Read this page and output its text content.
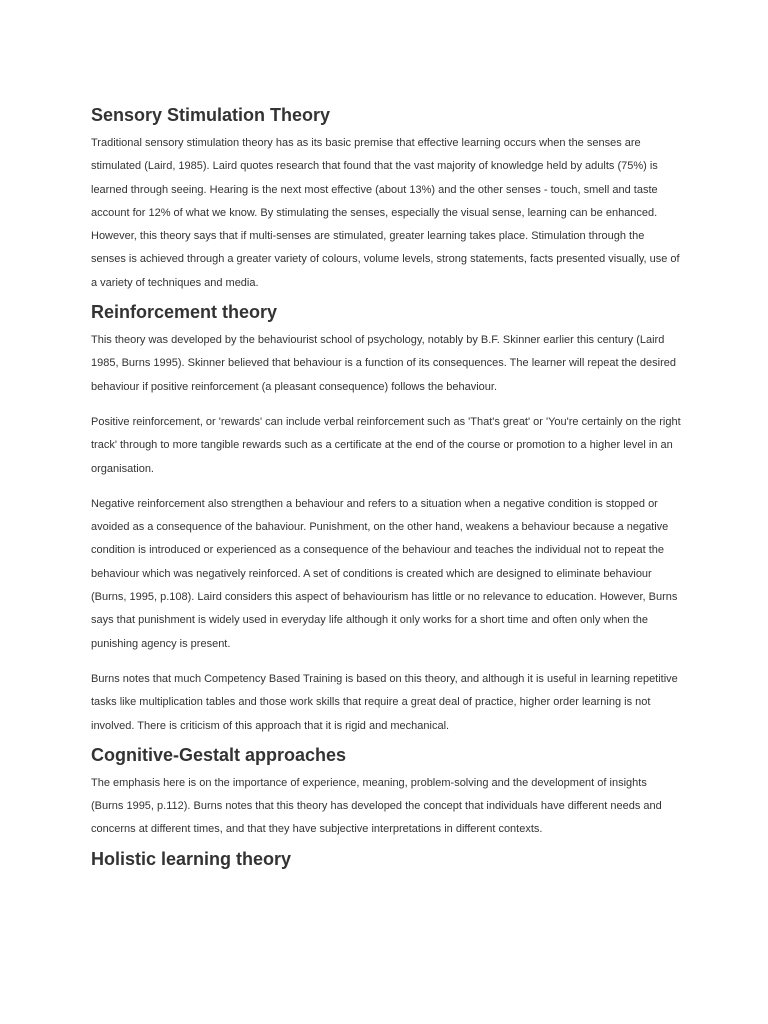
Sensory Stimulation Theory

Traditional sensory stimulation theory has as its basic premise that effective learning occurs when the senses are stimulated (Laird, 1985). Laird quotes research that found that the vast majority of knowledge held by adults (75%) is learned through seeing. Hearing is the next most effective (about 13%) and the other senses - touch, smell and taste account for 12% of what we know. By stimulating the senses, especially the visual sense, learning can be enhanced. However, this theory says that if multi-senses are stimulated, greater learning takes place. Stimulation through the senses is achieved through a greater variety of colours, volume levels, strong statements, facts presented visually, use of a variety of techniques and media.

Reinforcement theory

This theory was developed by the behaviourist school of psychology, notably by B.F. Skinner earlier this century (Laird 1985, Burns 1995). Skinner believed that behaviour is a function of its consequences. The learner will repeat the desired behaviour if positive reinforcement (a pleasant consequence) follows the behaviour.

Positive reinforcement, or 'rewards' can include verbal reinforcement such as 'That's great' or 'You're certainly on the right track' through to more tangible rewards such as a certificate at the end of the course or promotion to a higher level in an organisation.

Negative reinforcement also strengthen a behaviour and refers to a situation when a negative condition is stopped or avoided as a consequence of the bahaviour. Punishment, on the other hand, weakens a behaviour because a negative condition is introduced or experienced as a consequence of the behaviour and teaches the individual not to repeat the behaviour which was negatively reinforced. A set of conditions is created which are designed to eliminate behaviour (Burns, 1995, p.108). Laird considers this aspect of behaviourism has little or no relevance to education. However, Burns says that punishment is widely used in everyday life although it only works for a short time and often only when the punishing agency is present.

Burns notes that much Competency Based Training is based on this theory, and although it is useful in learning repetitive tasks like multiplication tables and those work skills that require a great deal of practice, higher order learning is not involved. There is criticism of this approach that it is rigid and mechanical.

Cognitive-Gestalt approaches

The emphasis here is on the importance of experience, meaning, problem-solving and the development of insights (Burns 1995, p.112). Burns notes that this theory has developed the concept that individuals have different needs and concerns at different times, and that they have subjective interpretations in different contexts.

Holistic learning theory
